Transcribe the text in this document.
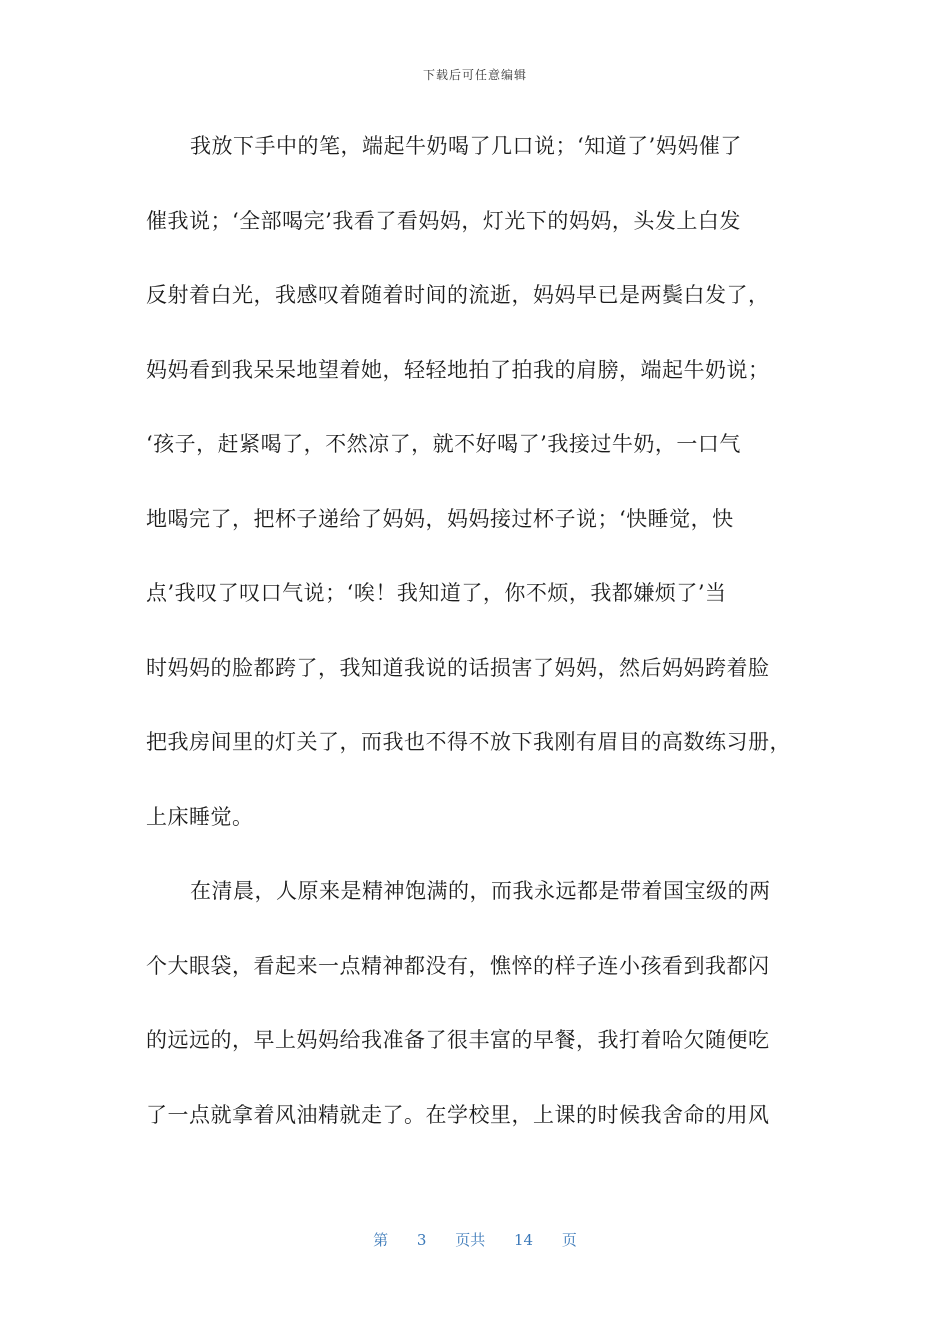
下载后可任意编辑
我放下手中的笔，端起牛奶喝了几口说；‘知道了’妈妈催了
催我说；‘全部喝完’我看了看妈妈，灯光下的妈妈，头发上白发
反射着白光，我感叹着随着时间的流逝，妈妈早已是两鬓白发了，
妈妈看到我呆呆地望着她，轻轻地拍了拍我的肩膀，端起牛奶说；
‘孩子，赶紧喝了，不然凉了，就不好喝了’我接过牛奶，一口气
地喝完了，把杯子递给了妈妈，妈妈接过杯子说；‘快睡觉，快
点’我叹了叹口气说；‘唉！我知道了，你不烦，我都嫌烦了’当
时妈妈的脸都跨了，我知道我说的话损害了妈妈，然后妈妈跨着脸
把我房间里的灯关了，而我也不得不放下我刚有眉目的高数练习册，
上床睡觉。
在清晨，人原来是精神饱满的，而我永远都是带着国宝级的两
个大眼袋，看起来一点精神都没有，憔悴的样子连小孩看到我都闪
的远远的，早上妈妈给我准备了很丰富的早餐，我打着哈欠随便吃
了一点就拿着风油精就走了。在学校里，上课的时候我舍命的用风
第 3 页共 14 页
